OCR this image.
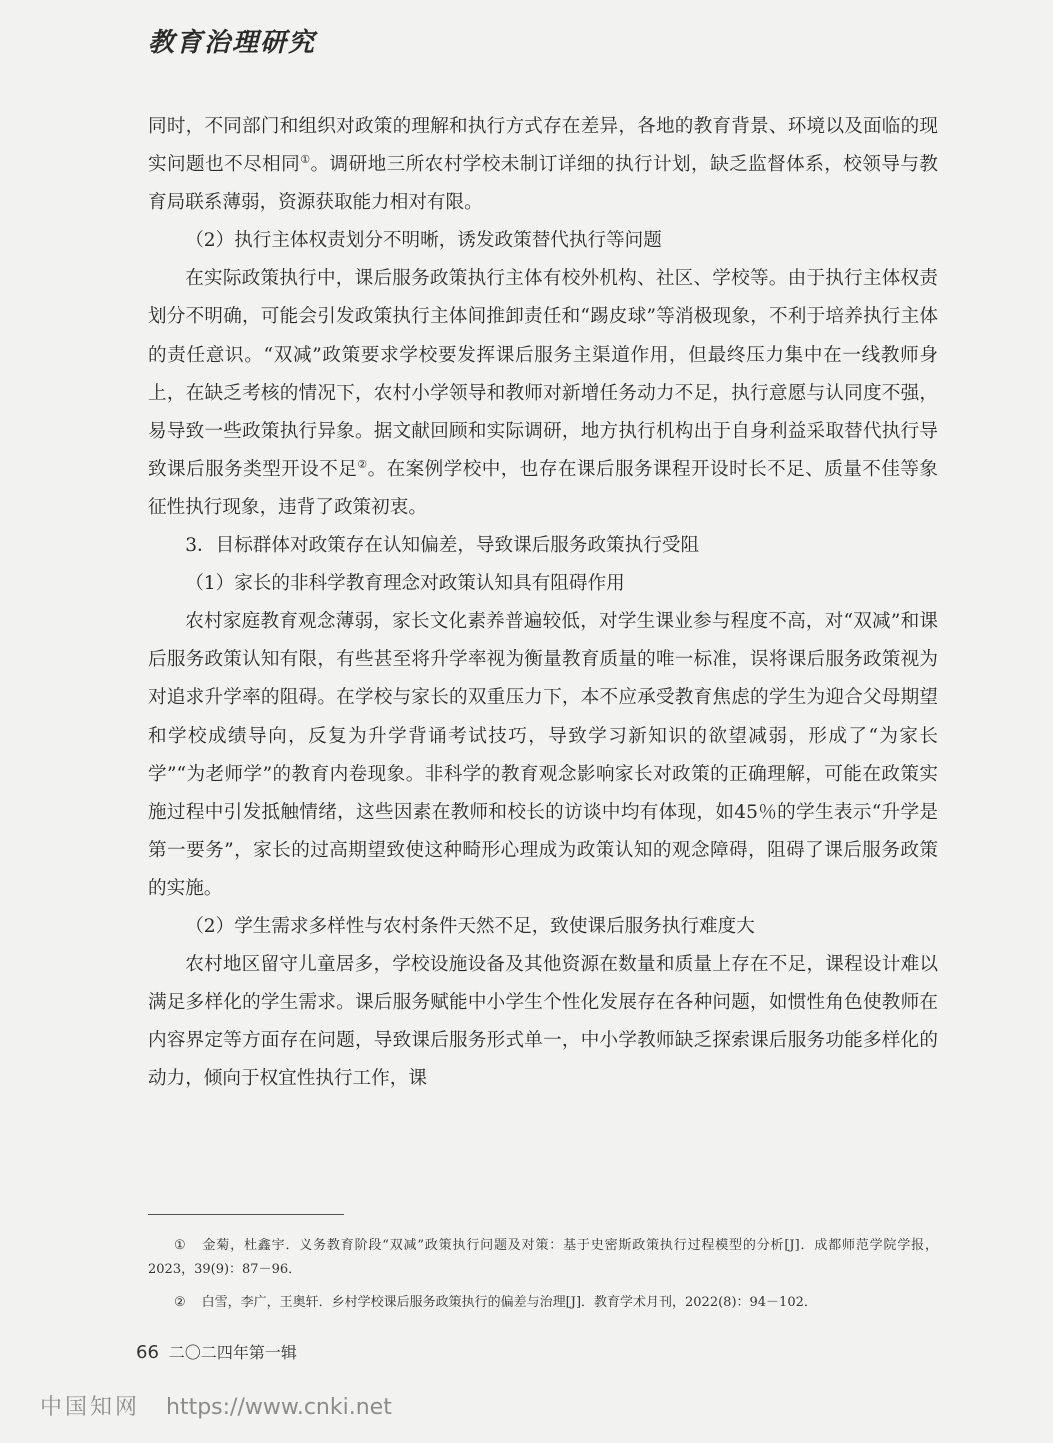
教育治理研究

同时，不同部门和组织对政策的理解和执行方式存在差异，各地的教育背景、环境以及面临的现实问题也不尽相同①。调研地三所农村学校未制订详细的执行计划，缺乏监督体系，校领导与教育局联系薄弱，资源获取能力相对有限。

（2）执行主体权责划分不明晰，诱发政策替代执行等问题

在实际政策执行中，课后服务政策执行主体有校外机构、社区、学校等。由于执行主体权责划分不明确，可能会引发政策执行主体间推卸责任和“踢皮球”等消极现象，不利于培养执行主体的责任意识。“双减”政策要求学校要发挥课后服务主渠道作用，但最终压力集中在一线教师身上，在缺乏考核的情况下，农村小学领导和教师对新增任务动力不足，执行意愿与认同度不强，易导致一些政策执行异象。据文献回顾和实际调研，地方执行机构出于自身利益采取替代执行导致课后服务类型开设不足②。在案例学校中，也存在课后服务课程开设时长不足、质量不佳等象征性执行现象，违背了政策初衷。

3．目标群体对政策存在认知偏差，导致课后服务政策执行受阻

（1）家长的非科学教育理念对政策认知具有阻碍作用

农村家庭教育观念薄弱，家长文化素养普遍较低，对学生课业参与程度不高，对“双减”和课后服务政策认知有限，有些甚至将升学率视为衡量教育质量的唯一标准，误将课后服务政策视为对追求升学率的阻碍。在学校与家长的双重压力下，本不应承受教育焦虑的学生为迎合父母期望和学校成绩导向，反复为升学背诵考试技巧，导致学习新知识的欲望减弱，形成了“为家长学”“为老师学”的教育内卷现象。非科学的教育观念影响家长对政策的正确理解，可能在政策实施过程中引发抵触情绪，这些因素在教师和校长的访谈中均有体现，如45％的学生表示“升学是第一要务”，家长的过高期望致使这种畸形心理成为政策认知的观念障碍，阻碍了课后服务政策的实施。

（2）学生需求多样性与农村条件天然不足，致使课后服务执行难度大

农村地区留守儿童居多，学校设施设备及其他资源在数量和质量上存在不足，课程设计难以满足多样化的学生需求。课后服务赋能中小学生个性化发展存在各种问题，如惯性角色使教师在内容界定等方面存在问题，导致课后服务形式单一，中小学教师缺乏探索课后服务功能多样化的动力，倾向于权宜性执行工作，课

① 金菊，杜鑫宇．义务教育阶段“双减”政策执行问题及对策：基于史密斯政策执行过程模型的分析[J]．成都师范学院学报，2023，39(9)：87－96．

② 白雪，李广，王奥轩．乡村学校课后服务政策执行的偏差与治理[J]．教育学术月刊，2022(8)：94－102．

66 二〇二四年第一辑
中国知网 https://www.cnki.net
